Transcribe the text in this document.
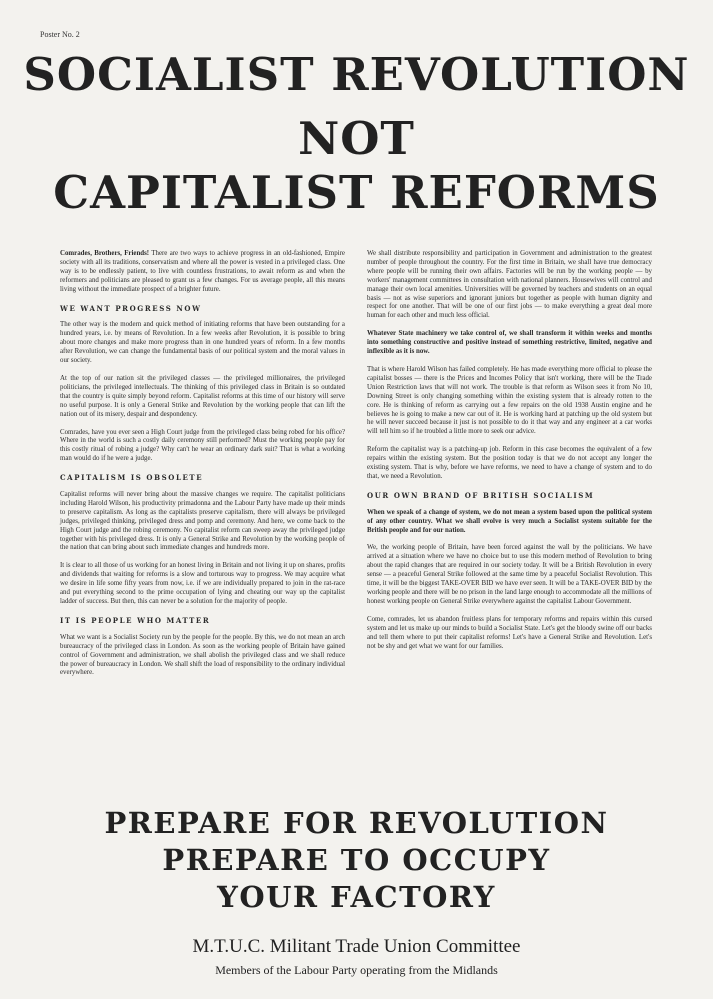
Poster No. 2
SOCIALIST REVOLUTION
NOT
CAPITALIST REFORMS

Comrades, Brothers, Friends! There are two ways to achieve progress in an old-fashioned, Empire society with all its traditions, conservatism and where all the power is vested in a privileged class. One way is to be endlessly patient, to live with countless frustrations, to await reform as and when the reformers and politicians are pleased to grant us a few changes. For us average people, all this means living without the immediate prospect of a brighter future.

WE WANT PROGRESS NOW

The other way is the modern and quick method of initiating reforms that have been outstanding for a hundred years, i.e. by means of Revolution. In a few weeks after Revolution, it is possible to bring about more changes and make more progress than in one hundred years of reform. In a few months after Revolution, we can change the fundamental basis of our political system and the moral values in our society.

At the top of our nation sit the privileged classes — the privileged millionaires, the privileged politicians, the privileged intellectuals. The thinking of this privileged class in Britain is so outdated that the country is quite simply beyond reform. Capitalist reforms at this time of our history will serve no useful purpose. It is only a General Strike and Revolution by the working people that can lift the nation out of its misery, despair and despondency.

Comrades, have you ever seen a High Court judge from the privileged class being robed for his office? Where in the world is such a costly daily ceremony still performed? Must the working people pay for this costly ritual of robing a judge? Why can't he wear an ordinary dark suit? That is what a working man would do if he were a judge.

CAPITALISM IS OBSOLETE

Capitalist reforms will never bring about the massive changes we require. The capitalist politicians including Harold Wilson, his productivity primadonna and the Labour Party have made up their minds to preserve capitalism. As long as the capitalists preserve capitalism, there will always be privileged judges, privileged thinking, privileged dress and pomp and ceremony. And here, we come back to the High Court judge and the robing ceremony. No capitalist reform can sweep away the privileged judge together with his privileged dress. It is only a General Strike and Revolution by the working people of the nation that can bring about such immediate changes and hundreds more.

It is clear to all those of us working for an honest living in Britain and not living it up on shares, profits and dividends that waiting for reforms is a slow and torturous way to progress. We may acquire what we desire in life some fifty years from now, i.e. if we are individually prepared to join in the rat-race and put everything second to the prime occupation of lying and cheating our way up the capitalist ladder of success. But then, this can never be a solution for the majority of people.

IT IS PEOPLE WHO MATTER

What we want is a Socialist Society run by the people for the people. By this, we do not mean an arch bureaucracy of the privileged class in London. As soon as the working people of Britain have gained control of Government and administration, we shall abolish the privileged class and we shall reduce the power of bureaucracy in London. We shall shift the load of responsibility to the ordinary individual everywhere.

We shall distribute responsibility and participation in Government and administration to the greatest number of people throughout the country. For the first time in Britain, we shall have true democracy where people will be running their own affairs. Factories will be run by the working people — by workers' management committees in consultation with national planners. Housewives will control and manage their own local amenities. Universities will be governed by teachers and students on an equal basis — not as wise superiors and ignorant juniors but together as people with human dignity and respect for one another. That will be one of our first jobs — to make everything a great deal more human for each other and much less official.

Whatever State machinery we take control of, we shall transform it within weeks and months into something constructive and positive instead of something restrictive, limited, negative and inflexible as it is now.

That is where Harold Wilson has failed completely. He has made everything more official to please the capitalist bosses — there is the Prices and Incomes Policy that isn't working, there will be the Trade Union Restriction laws that will not work. The trouble is that reform as Wilson sees it from No 10, Downing Street is only changing something within the existing system that is already rotten to the core. He is thinking of reform as carrying out a few repairs on the old 1938 Austin engine and he believes he is going to make a new car out of it. He is working hard at patching up the old system but he will never succeed because it just is not possible to do it that way and any engineer at a car works will tell him so if he troubled a little more to seek our advice.

Reform the capitalist way is a patching-up job. Reform in this case becomes the equivalent of a few repairs within the existing system. But the position today is that we do not accept any longer the existing system. That is why, before we have reforms, we need to have a change of system and to do that, we need a Revolution.

OUR OWN BRAND OF BRITISH SOCIALISM

When we speak of a change of system, we do not mean a system based upon the political system of any other country. What we shall evolve is very much a Socialist system suitable for the British people and for our nation.

We, the working people of Britain, have been forced against the wall by the politicians. We have arrived at a situation where we have no choice but to use this modern method of Revolution to bring about the rapid changes that are required in our society today. It will be a British Revolution in every sense — a peaceful General Strike followed at the same time by a peaceful Socialist Revolution. This time, it will be the biggest TAKE-OVER BID we have ever seen. It will be a TAKE-OVER BID by the working people and there will be no prison in the land large enough to accommodate all the millions of honest working people on General Strike everywhere against the capitalist Labour Government.

Come, comrades, let us abandon fruitless plans for temporary reforms and repairs within this cursed system and let us make up our minds to build a Socialist State. Let's get the bloody swine off our backs and tell them where to put their capitalist reforms! Let's have a General Strike and Revolution. Let's not be shy and get what we want for our families.

PREPARE FOR REVOLUTION
PREPARE TO OCCUPY
YOUR FACTORY
M.T.U.C. Militant Trade Union Committee
Members of the Labour Party operating from the Midlands
